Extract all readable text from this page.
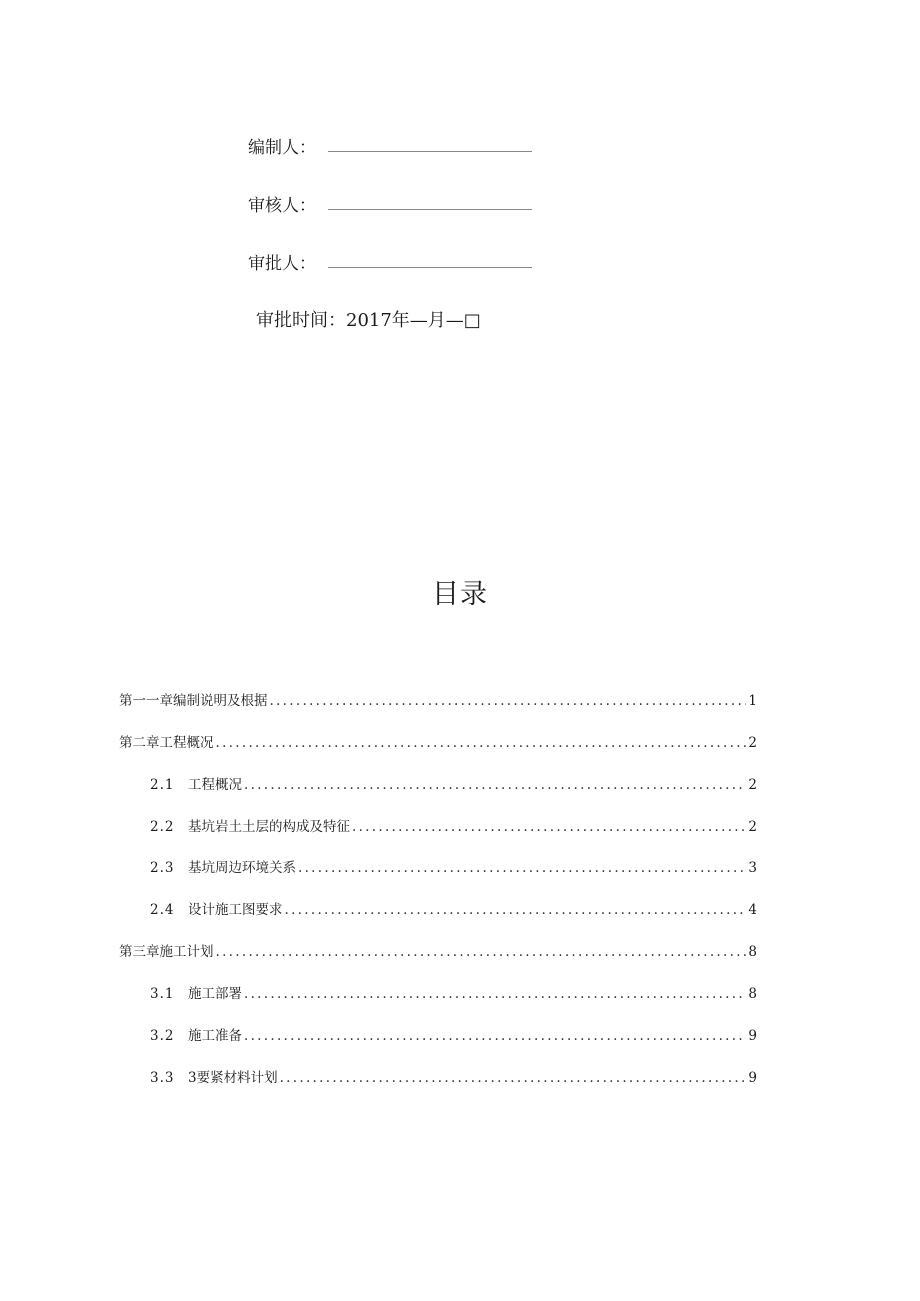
编制人：
审核人：
审批人：
审批时间：2017年—月—□
目录
第一一章编制说明及根据 .....	1
第二章工程概况 .....	2
2.1	工程概况 .....	2
2.2	基坑岩土土层的构成及特征 .....	2
2.3	基坑周边环境关系 .....	3
2.4	设计施工图要求 .....	4
第三章施工计划 .....	8
3.1	施工部署 .....	8
3.2	施工准备 .....	9
3.3	3要紧材料计划 .....	9
